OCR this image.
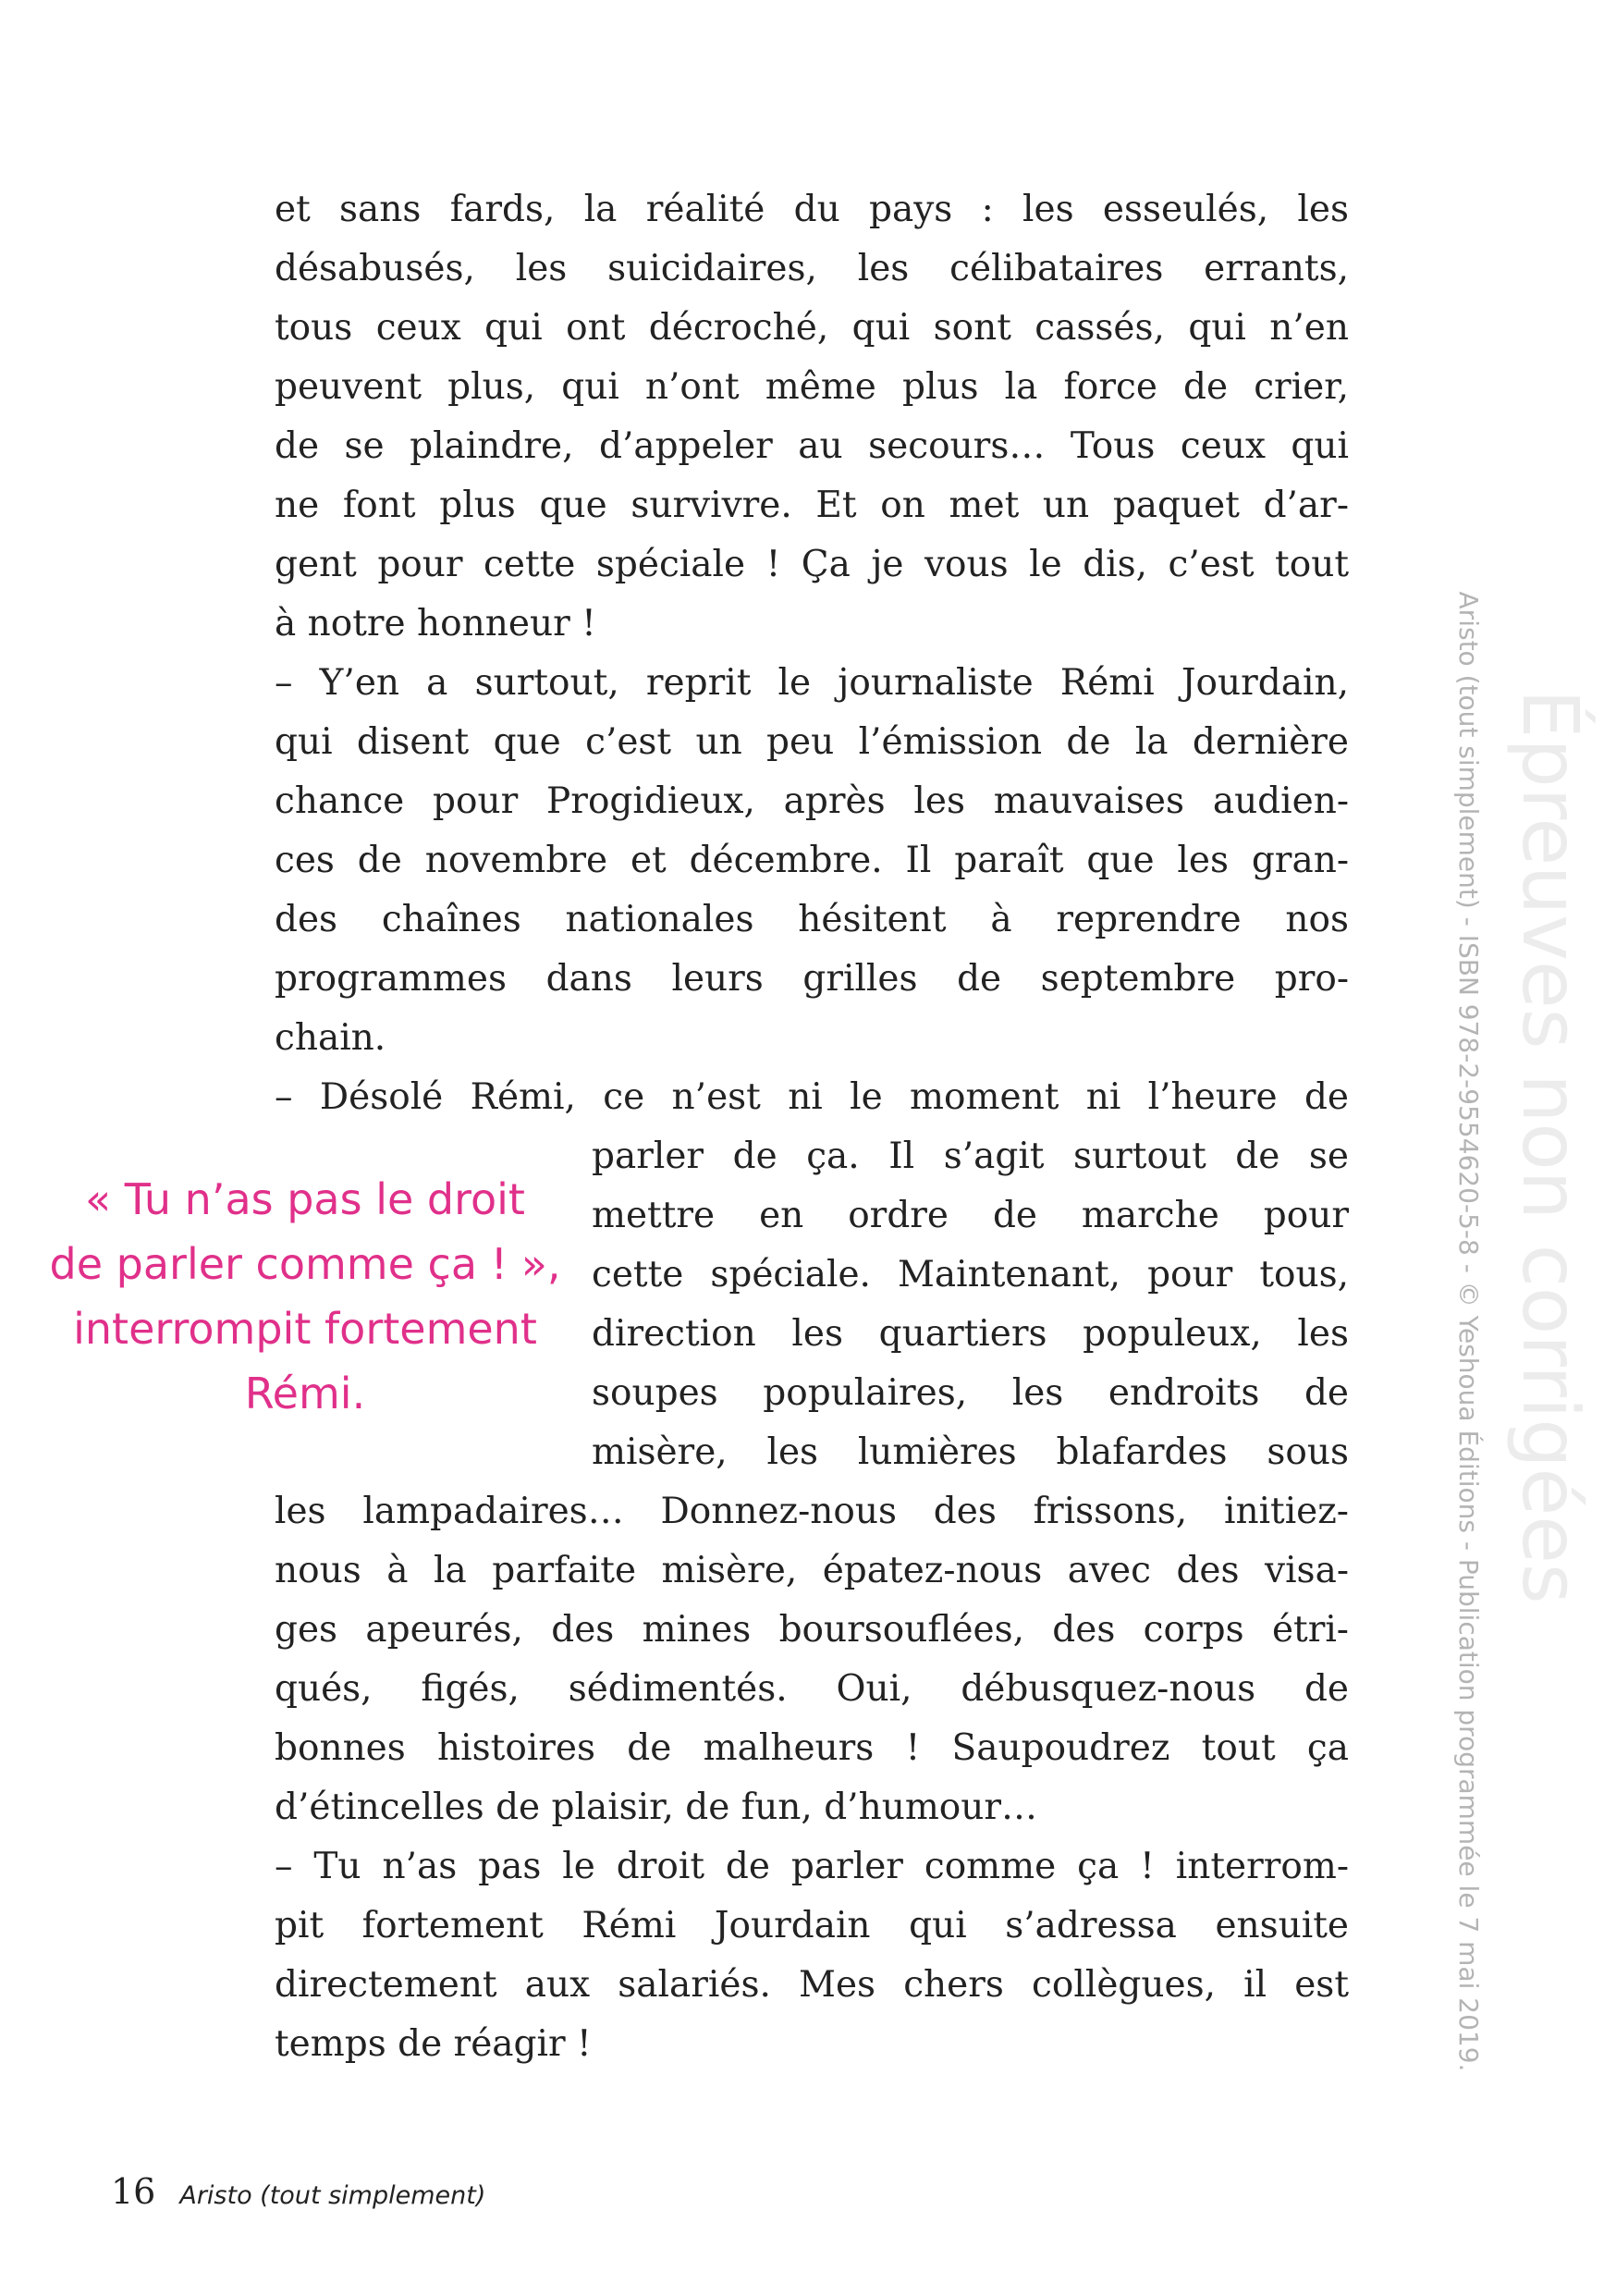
et sans fards, la réalité du pays : les esseulés, les
désabusés, les suicidaires, les célibataires errants,
tous ceux qui ont décroché, qui sont cassés, qui n’en
peuvent plus, qui n’ont même plus la force de crier,
de se plaindre, d’appeler au secours… Tous ceux qui
ne font plus que survivre. Et on met un paquet d’ar-
gent pour cette spéciale ! Ça je vous le dis, c’est tout
à notre honneur !
– Y’en a surtout, reprit le journaliste Rémi Jourdain,
qui disent que c’est un peu l’émission de la dernière
chance pour Progidieux, après les mauvaises audien-
ces de novembre et décembre. Il paraît que les gran-
des chaînes nationales hésitent à reprendre nos
programmes dans leurs grilles de septembre pro-
chain.
– Désolé Rémi, ce n’est ni le moment ni l’heure de
parler de ça. Il s’agit surtout de se
mettre en ordre de marche pour
cette spéciale. Maintenant, pour tous,
direction les quartiers populeux, les
soupes populaires, les endroits de
misère, les lumières blafardes sous
les lampadaires… Donnez-nous des frissons, initiez-
nous à la parfaite misère, épatez-nous avec des visa-
ges apeurés, des mines boursouflées, des corps étri-
qués, figés, sédimentés. Oui, débusquez-nous de
bonnes histoires de malheurs ! Saupoudrez tout ça
d’étincelles de plaisir, de fun, d’humour…
– Tu n’as pas le droit de parler comme ça ! interrom-
pit fortement Rémi Jourdain qui s’adressa ensuite
directement aux salariés. Mes chers collègues, il est
temps de réagir !
« Tu n’as pas le droit
de parler comme ça ! »,
interrompit fortement
Rémi.	Aristo (tout simplement) - ISBN 978-2-9554620-5-8 - © Yeshoua Éditions - Publication programmée le 7 mai 2019. Épreuves non corrigées
16 Aristo (tout simplement)
